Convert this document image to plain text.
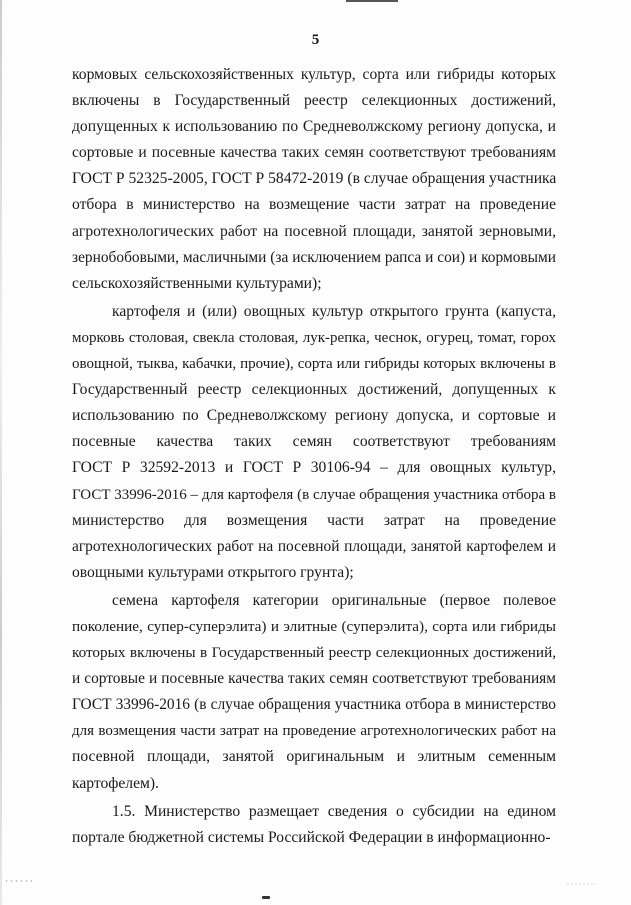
5
кормовых сельскохозяйственных культур, сорта или гибриды которых
включены в Государственный реестр селекционных достижений,
допущенных к использованию по Средневолжскому региону допуска, и
сортовые и посевные качества таких семян соответствуют требованиям
ГОСТ Р 52325-2005, ГОСТ Р 58472-2019 (в случае обращения участника
отбора в министерство на возмещение части затрат на проведение
агротехнологических работ на посевной площади, занятой зерновыми,
зернобобовыми, масличными (за исключением рапса и сои) и кормовыми
сельскохозяйственными культурами);
картофеля и (или) овощных культур открытого грунта (капуста,
морковь столовая, свекла столовая, лук-репка, чеснок, огурец, томат, горох
овощной, тыква, кабачки, прочие), сорта или гибриды которых включены в
Государственный реестр селекционных достижений, допущенных к
использованию по Средневолжскому региону допуска, и сортовые и
посевные качества таких семян соответствуют требованиям
ГОСТ Р 32592-2013 и ГОСТ Р 30106-94 – для овощных культур,
ГОСТ 33996-2016 – для картофеля (в случае обращения участника отбора в
министерство для возмещения части затрат на проведение
агротехнологических работ на посевной площади, занятой картофелем и
овощными культурами открытого грунта);
семена картофеля категории оригинальные (первое полевое
поколение, супер-суперэлита) и элитные (суперэлита), сорта или гибриды
которых включены в Государственный реестр селекционных достижений,
и сортовые и посевные качества таких семян соответствуют требованиям
ГОСТ 33996-2016 (в случае обращения участника отбора в министерство
для возмещения части затрат на проведение агротехнологических работ на
посевной площади, занятой оригинальным и элитным семенным
картофелем).
1.5. Министерство размещает сведения о субсидии на едином
портале бюджетной системы Российской Федерации в информационно-
